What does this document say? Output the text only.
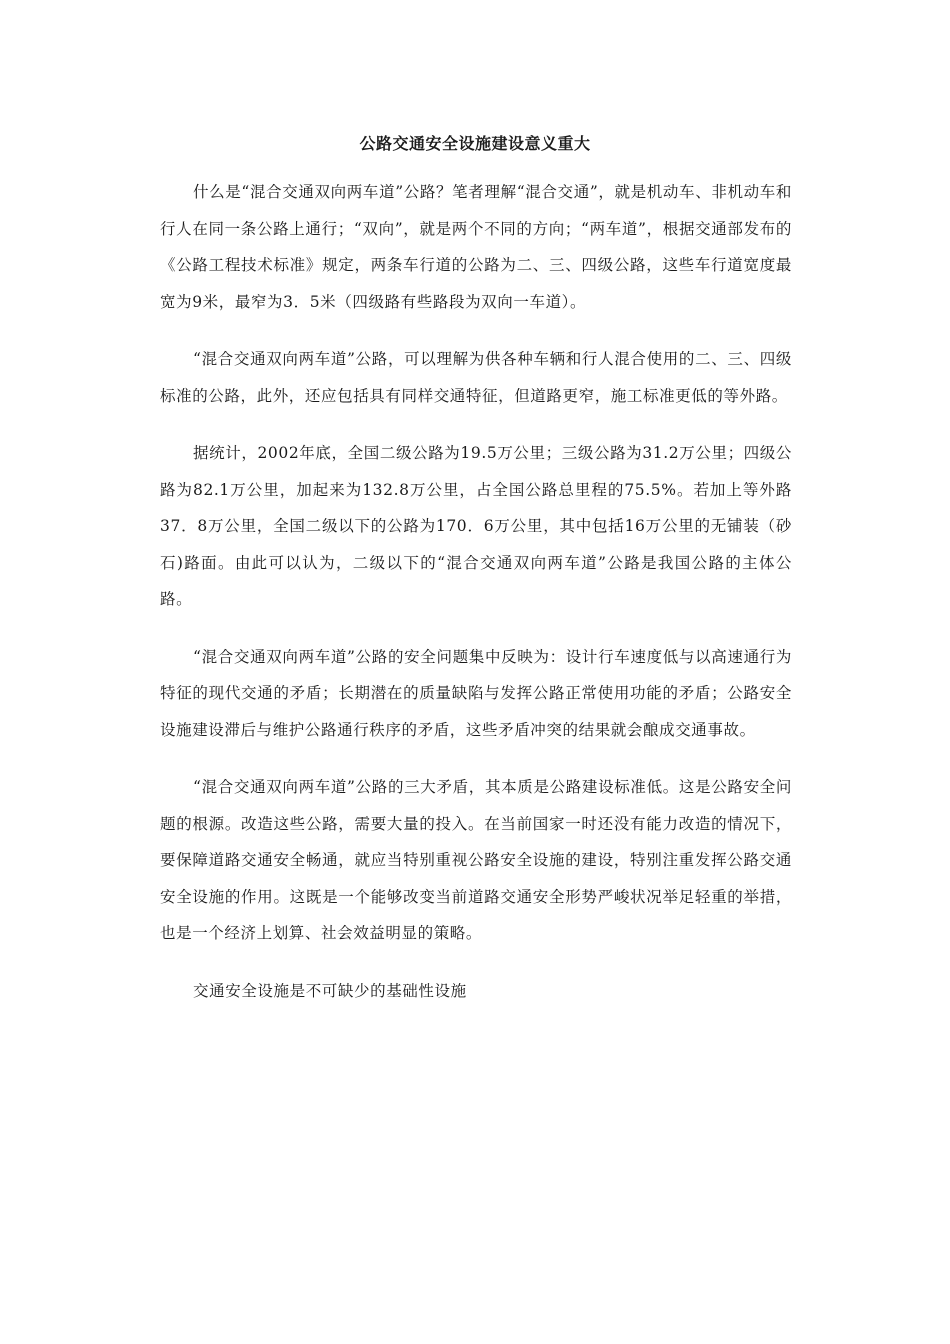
公路交通安全设施建设意义重大

什么是“混合交通双向两车道”公路？笔者理解“混合交通”，就是机动车、非机动车和行人在同一条公路上通行；“双向”，就是两个不同的方向；“两车道”，根据交通部发布的《公路工程技术标准》规定，两条车行道的公路为二、三、四级公路，这些车行道宽度最宽为9米，最窄为3．5米（四级路有些路段为双向一车道）。

“混合交通双向两车道”公路，可以理解为供各种车辆和行人混合使用的二、三、四级标准的公路，此外，还应包括具有同样交通特征，但道路更窄，施工标准更低的等外路。

据统计，2002年底，全国二级公路为19.5万公里；三级公路为31.2万公里；四级公路为82.1万公里，加起来为132.8万公里，占全国公路总里程的75.5%。若加上等外路37．8万公里，全国二级以下的公路为170．6万公里，其中包括16万公里的无铺装（砂石)路面。由此可以认为，二级以下的“混合交通双向两车道”公路是我国公路的主体公路。

“混合交通双向两车道”公路的安全问题集中反映为：设计行车速度低与以高速通行为特征的现代交通的矛盾；长期潜在的质量缺陷与发挥公路正常使用功能的矛盾；公路安全设施建设滞后与维护公路通行秩序的矛盾，这些矛盾冲突的结果就会酿成交通事故。

“混合交通双向两车道”公路的三大矛盾，其本质是公路建设标准低。这是公路安全问题的根源。改造这些公路，需要大量的投入。在当前国家一时还没有能力改造的情况下，要保障道路交通安全畅通，就应当特别重视公路安全设施的建设，特别注重发挥公路交通安全设施的作用。这既是一个能够改变当前道路交通安全形势严峻状况举足轻重的举措，也是一个经济上划算、社会效益明显的策略。

交通安全设施是不可缺少的基础性设施
